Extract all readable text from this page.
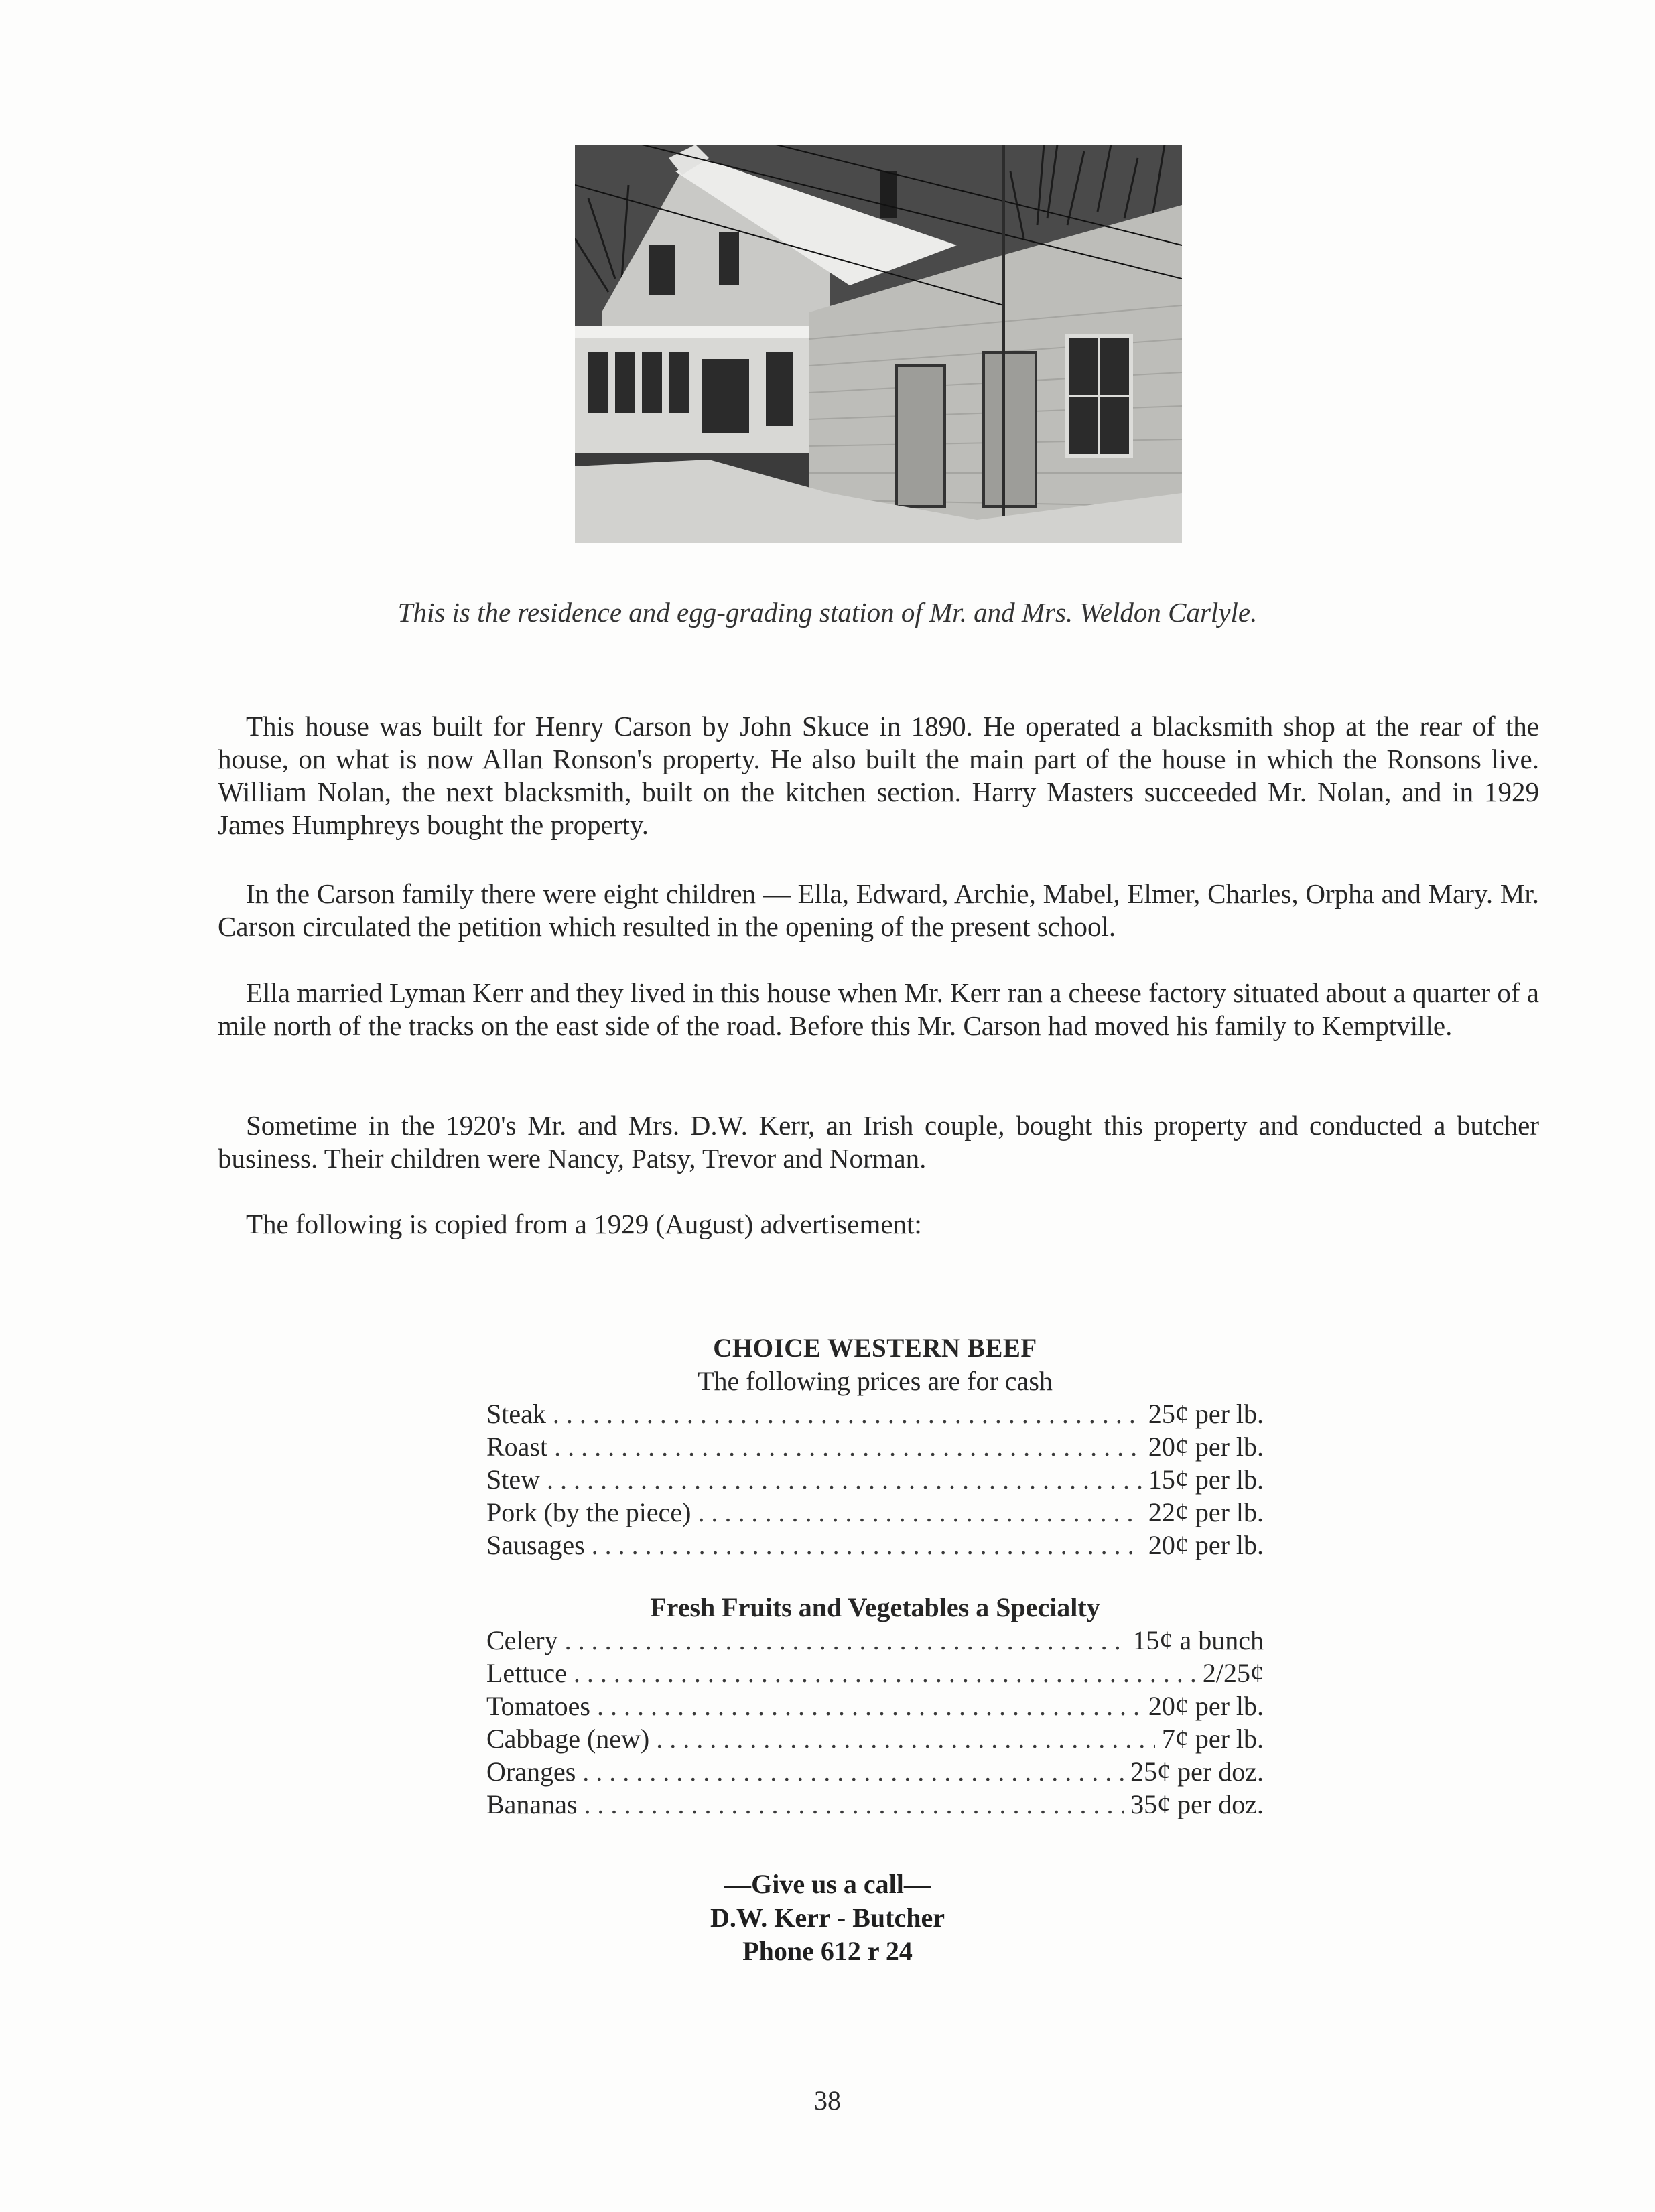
This is the residence and egg-grading station of Mr. and Mrs. Weldon Carlyle.

This house was built for Henry Carson by John Skuce in 1890. He operated a blacksmith shop at the rear of the house, on what is now Allan Ronson's property. He also built the main part of the house in which the Ronsons live. William Nolan, the next blacksmith, built on the kitchen section. Harry Masters succeeded Mr. Nolan, and in 1929 James Humphreys bought the property.

In the Carson family there were eight children — Ella, Edward, Archie, Mabel, Elmer, Charles, Orpha and Mary. Mr. Carson circulated the petition which resulted in the opening of the present school.

Ella married Lyman Kerr and they lived in this house when Mr. Kerr ran a cheese factory situated about a quarter of a mile north of the tracks on the east side of the road. Before this Mr. Carson had moved his family to Kemptville.

Sometime in the 1920's Mr. and Mrs. D.W. Kerr, an Irish couple, bought this property and conducted a butcher business. Their children were Nancy, Patsy, Trevor and Norman.

The following is copied from a 1929 (August) advertisement:

CHOICE WESTERN BEEF
The following prices are for cash
Steak . . .	25¢ per lb.
Roast . . .	20¢ per lb.
Stew . . .	15¢ per lb.
Pork (by the piece) . . .	22¢ per lb.
Sausages . . .	20¢ per lb.
Fresh Fruits and Vegetables a Specialty
Celery . . .	15¢ a bunch
Lettuce . . .	2/25¢
Tomatoes . . .	20¢ per lb.
Cabbage (new) . . .	7¢ per lb.
Oranges . . .	25¢ per doz.
Bananas . . .	35¢ per doz.
—Give us a call—
D.W. Kerr - Butcher
Phone 612 r 24
38
